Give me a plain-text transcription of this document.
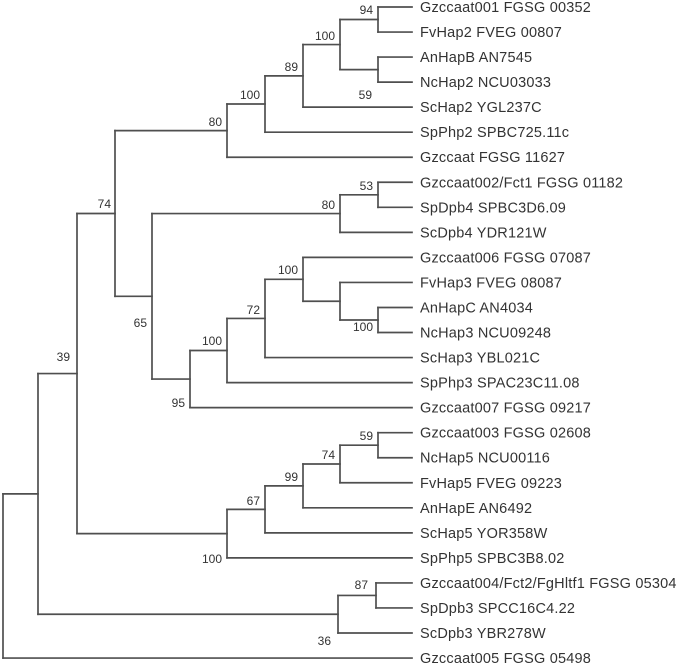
Gzccaat001 FGSG 00352
FvHap2 FVEG 00807
94
AnHapB AN7545
NcHap2 NCU03033
59
100
ScHap2 YGL237C
89
SpPhp2 SPBC725.11c
100
Gzccaat FGSG 11627
80
Gzccaat002/Fct1 FGSG 01182
SpDpb4 SPBC3D6.09
53
ScDpb4 YDR121W
80
Gzccaat006 FGSG 07087
FvHap3 FVEG 08087
AnHapC AN4034
NcHap3 NCU09248
100
100
ScHap3 YBL021C
72
SpPhp3 SPAC23C11.08
100
Gzccaat007 FGSG 09217
95
65
74
Gzccaat003 FGSG 02608
NcHap5 NCU00116
59
FvHap5 FVEG 09223
74
AnHapE AN6492
99
ScHap5 YOR358W
67
SpPhp5 SPBC3B8.02
100
39
Gzccaat004/Fct2/FgHltf1 FGSG 05304
SpDpb3 SPCC16C4.22
87
ScDpb3 YBR278W
36
Gzccaat005 FGSG 05498
